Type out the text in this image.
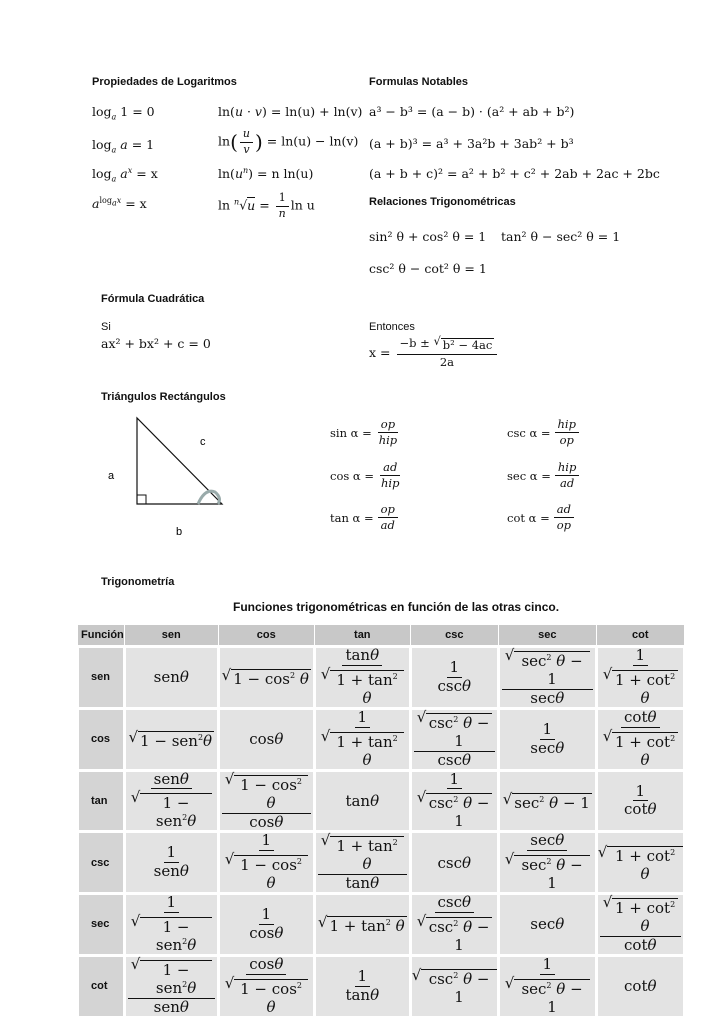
Propiedades de Logaritmos
$\log_a 1 = 0$
$\log_a a = 1$
$\log_a a^x = x$
$a^{log_ax} = x$
ln(u · v) = ln(u) + ln(v)
$\ln( \frac{u}{v}$ ) = ln(u) − ln(v)
$\ln(u^n) = n$ ln(u)
$\ln ^n√u = \frac{1}{n}$ ln u
Formulas Notables
a³ − b³ = (a − b) · (a² + ab + b²)
(a + b)³ = a³ + 3a²b + 3ab² + b³
(a + b + c)² = a² + b² + c² + 2ab + 2ac + 2bc
Relaciones Trigonométricas
sin² θ + cos² θ = 1 tan² θ − sec² θ = 1
csc² θ − cot² θ = 1
Fórmula Cuadrática
Si
ax² + bx² + c = 0
Entonces
$x = \frac{\text{−b ± √ b² − 4ac}}{2a}$
Triángulos Rectángulos
c
a
b
$\sin \alpha = \frac{op}{\text{hip}}$
$\cos \alpha = \frac{ad}{\text{hip}}$
$\tan \alpha = \frac{op}{ad}$
$\csc \alpha = \frac{\text{hip}}{op}$
$\sec \alpha = \frac{\text{hip}}{ad}$
$\cot \alpha = \frac{ad}{op}$
Trigonometría
Funciones trigonométricas en función de las otras cinco.
Función	sen	cos	tan	csc	sec	cot
sen	senθ	√ $1 - \cos^2 \theta$	$\frac{\tan\theta}{√ 1 + \tan^2 \theta}$	$\frac{1}{\csc\theta}$	$\frac{√ \sec^2 \theta - 1}{\sec\theta}$	$\frac{1}{√ 1 + \cot^2 \theta}$

cos	√ 1 − sen$^2$θ	cosθ	$\frac{1}{√ 1 + \tan^2 \theta}$	$\frac{√ \csc^2 \theta - 1}{\csc\theta}$	$\frac{1}{\sec\theta}$	$\frac{\cot\theta}{√ 1 + \cot^2 \theta}$

tan	$\frac{\text{senθ}}{√ 1 - sen^2\theta}$	$\frac{√ 1 - \cos^2 \theta}{\cos\theta}$	tanθ	$\frac{1}{√ \csc^2 \theta - 1}$	√ $\sec^2 \theta - 1$	$\frac{1}{\cot\theta}$

csc	$\frac{1}{\text{senθ}}$	$\frac{1}{√ 1 - \cos^2 \theta}$	$\frac{√ 1 + \tan^2 \theta}{\tan\theta}$	cscθ	$\frac{\sec\theta}{√ \sec^2 \theta - 1}$	√ $1 + \cot^2 \theta$

sec	$\frac{1}{√ 1 - sen^2\theta}$	$\frac{1}{\cos\theta}$	√ $1 + \tan^2 \theta$	$\frac{\csc\theta}{√ \csc^2 \theta - 1}$	secθ	$\frac{√ 1 + \cot^2 \theta}{\cot\theta}$

cot	$\frac{√ 1 - sen^2\theta}{\text{senθ}}$	$\frac{\cos\theta}{√ 1 - \cos^2 \theta}$	$\frac{1}{\tan\theta}$	√ $\csc^2 \theta - 1$	$\frac{1}{√ \sec^2 \theta - 1}$	cotθ
